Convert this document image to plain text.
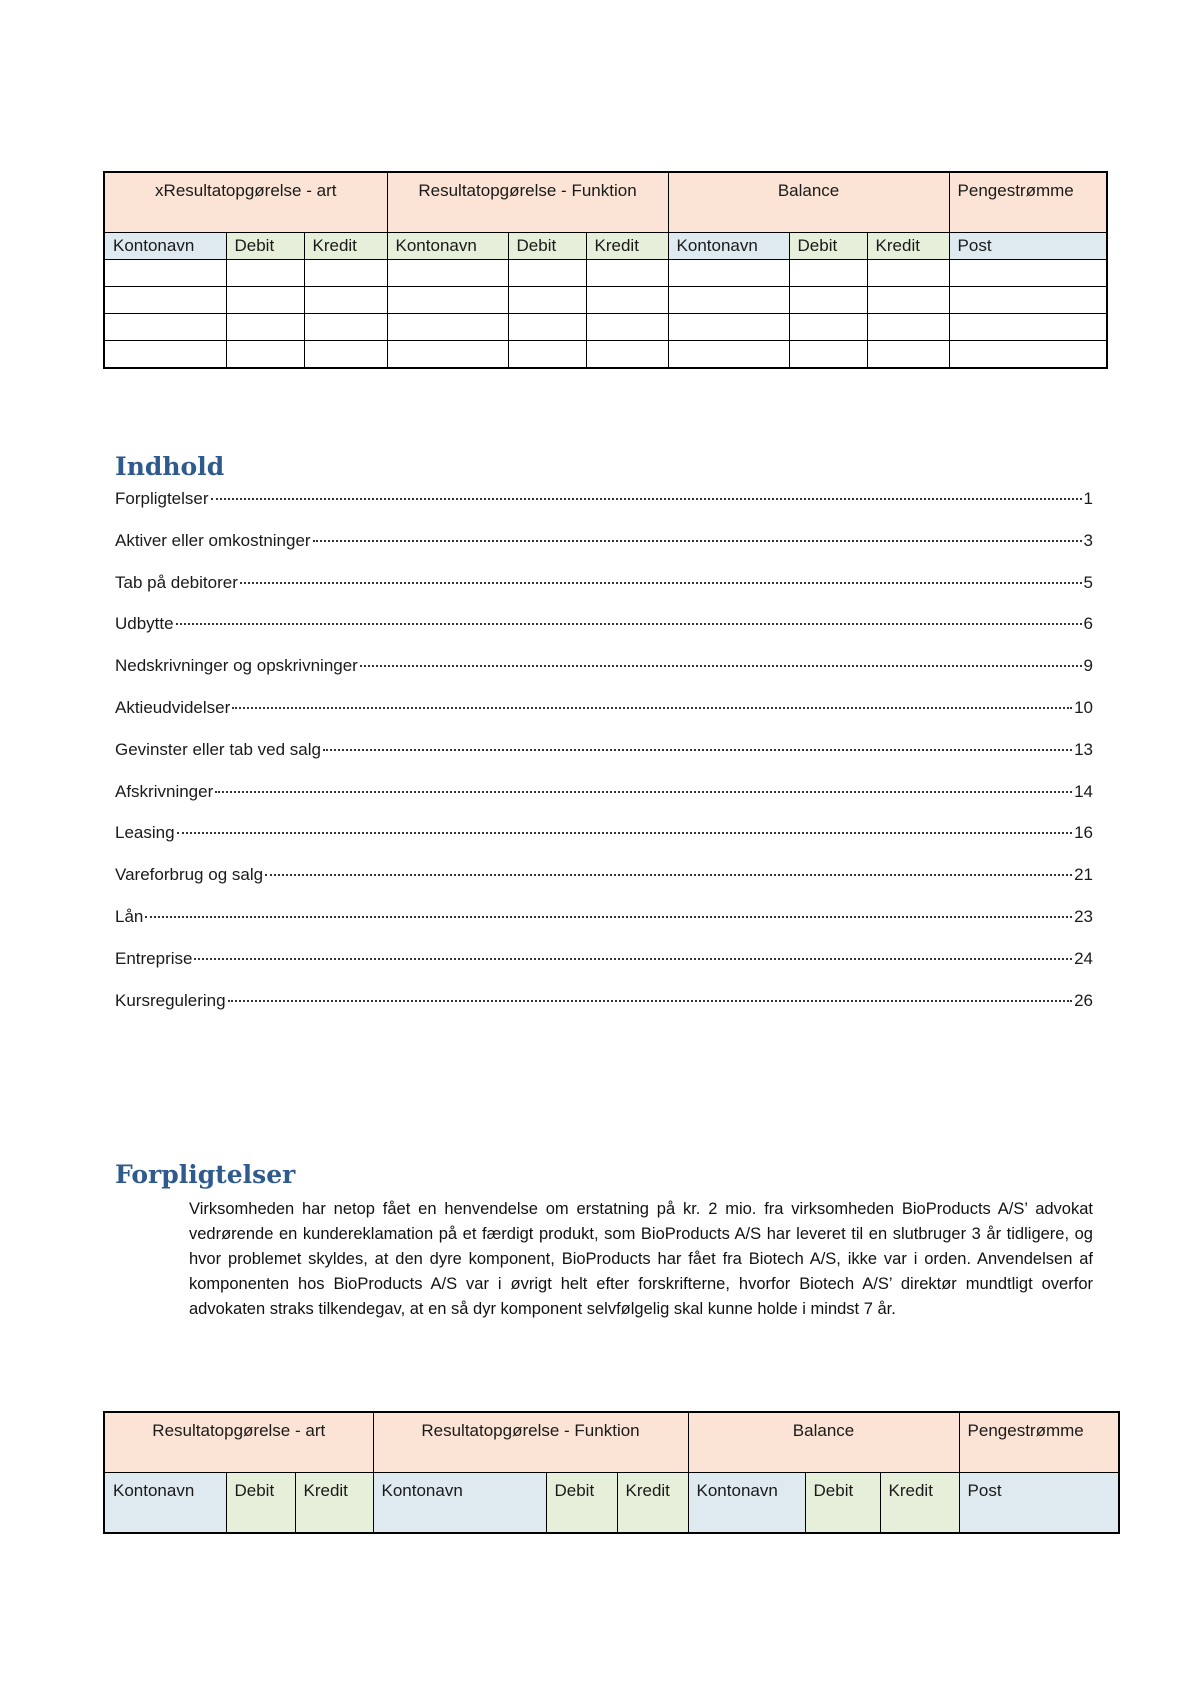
xResultatopgørelse - art			Resultatopgørelse - Funktion			Balance			Pengestrømme
Kontonavn	Debit	Kredit	Kontonavn	Debit	Kredit	Kontonavn	Debit	Kredit	Post

Indhold
Forpligtelser	1
Aktiver eller omkostninger	3
Tab på debitorer	5
Udbytte	6
Nedskrivninger og opskrivninger	9
Aktieudvidelser	10
Gevinster eller tab ved salg	13
Afskrivninger	14
Leasing	16
Vareforbrug og salg	21
Lån	23
Entreprise	24
Kursregulering	26
Forpligtelser

Virksomheden har netop fået en henvendelse om erstatning på kr. 2 mio. fra virksomheden BioProducts A/S’ advokat vedrørende en kundereklamation på et færdigt produkt, som BioProducts A/S har leveret til en slutbruger 3 år tidligere, og hvor problemet skyldes, at den dyre komponent, BioProducts har fået fra Biotech A/S, ikke var i orden. Anvendelsen af komponenten hos BioProducts A/S var i øvrigt helt efter forskrifterne, hvorfor Biotech A/S’ direktør mundtligt overfor advokaten straks tilkendegav, at en så dyr komponent selvfølgelig skal kunne holde i mindst 7 år.

Resultatopgørelse - art			Resultatopgørelse - Funktion			Balance			Pengestrømme
Kontonavn	Debit	Kredit	Kontonavn	Debit	Kredit	Kontonavn	Debit	Kredit	Post
